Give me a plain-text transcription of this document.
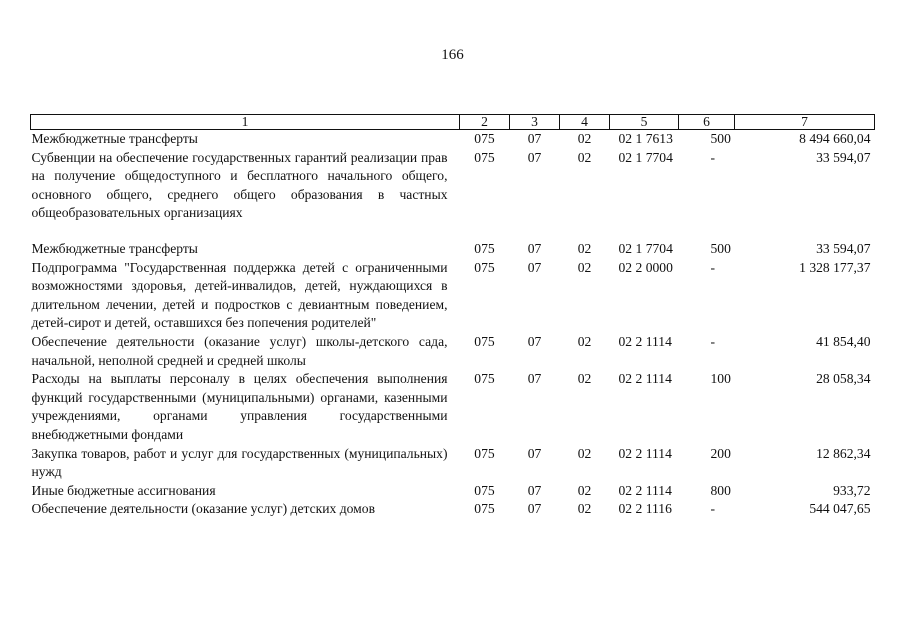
166
1	2	3	4	5	6	7
Межбюджетные трансферты	075	07	02	02 1 7613	500	8 494 660,04
Субвенции на обеспечение государственных гарантий реализации прав на получение общедоступного и бесплатного начального общего, основного общего, среднего общего образования в частных общеобразовательных организациях	075	07	02	02 1 7704	-	33 594,07

Межбюджетные трансферты	075	07	02	02 1 7704	500	33 594,07
Подпрограмма "Государственная поддержка детей с ограниченными возможностями здоровья, детей-инвалидов, детей, нуждающихся в длительном лечении, детей и подростков с девиантным поведением, детей-сирот и детей, оставшихся без попечения родителей"	075	07	02	02 2 0000	-	1 328 177,37
Обеспечение деятельности (оказание услуг) школы-детского сада, начальной, неполной средней и средней школы	075	07	02	02 2 1114	-	41 854,40
Расходы на выплаты персоналу в целях обеспечения выполнения функций государственными (муниципальными) органами, казенными учреждениями, органами управления государственными внебюджетными фондами	075	07	02	02 2 1114	100	28 058,34
Закупка товаров, работ и услуг для государственных (муниципальных) нужд	075	07	02	02 2 1114	200	12 862,34
Иные бюджетные ассигнования	075	07	02	02 2 1114	800	933,72
Обеспечение деятельности (оказание услуг) детских домов	075	07	02	02 2 1116	-	544 047,65
